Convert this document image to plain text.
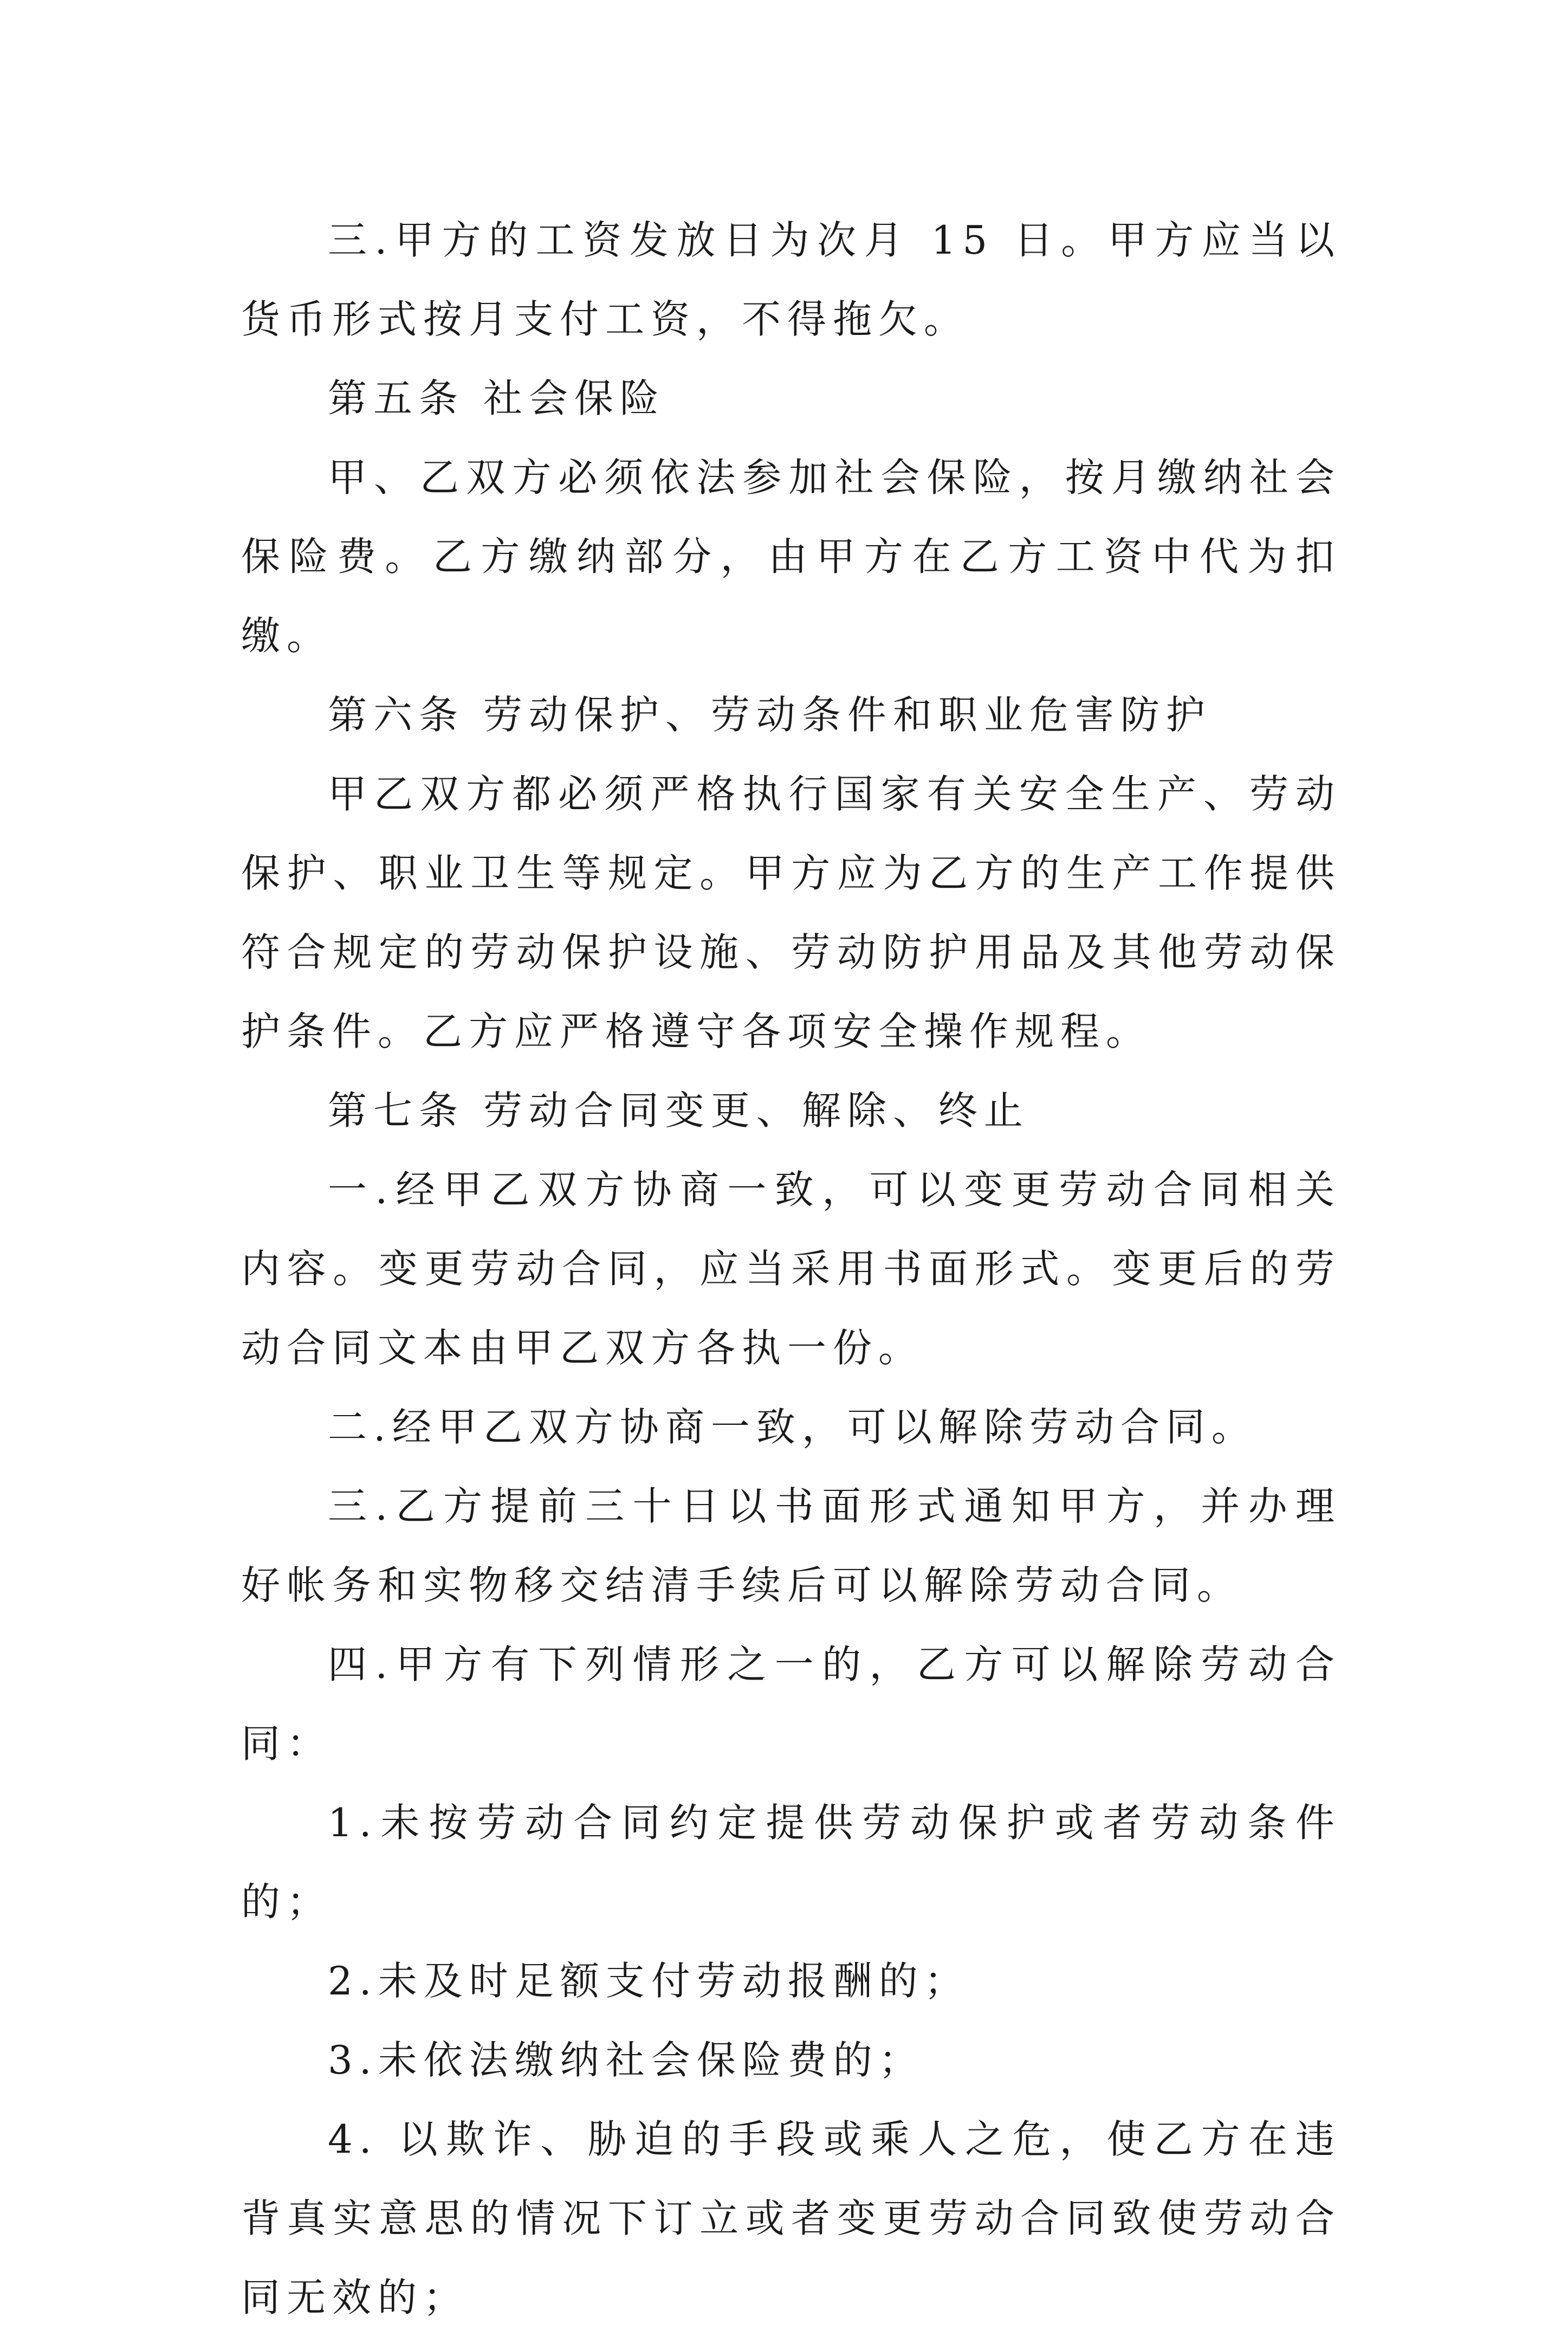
三.甲方的工资发放日为次月 15 日。甲方应当以货币形式按月支付工资，不得拖欠。

第五条 社会保险

甲、乙双方必须依法参加社会保险，按月缴纳社会保险费。乙方缴纳部分，由甲方在乙方工资中代为扣缴。

第六条 劳动保护、劳动条件和职业危害防护

甲乙双方都必须严格执行国家有关安全生产、劳动保护、职业卫生等规定。甲方应为乙方的生产工作提供符合规定的劳动保护设施、劳动防护用品及其他劳动保护条件。乙方应严格遵守各项安全操作规程。

第七条 劳动合同变更、解除、终止

一.经甲乙双方协商一致，可以变更劳动合同相关内容。变更劳动合同，应当采用书面形式。变更后的劳动合同文本由甲乙双方各执一份。

二.经甲乙双方协商一致，可以解除劳动合同。

三.乙方提前三十日以书面形式通知甲方，并办理好帐务和实物移交结清手续后可以解除劳动合同。

四.甲方有下列情形之一的，乙方可以解除劳动合同：

1.未按劳动合同约定提供劳动保护或者劳动条件的；

2.未及时足额支付劳动报酬的；

3.未依法缴纳社会保险费的；

4. 以欺诈、胁迫的手段或乘人之危，使乙方在违背真实意思的情况下订立或者变更劳动合同致使劳动合同无效的；
